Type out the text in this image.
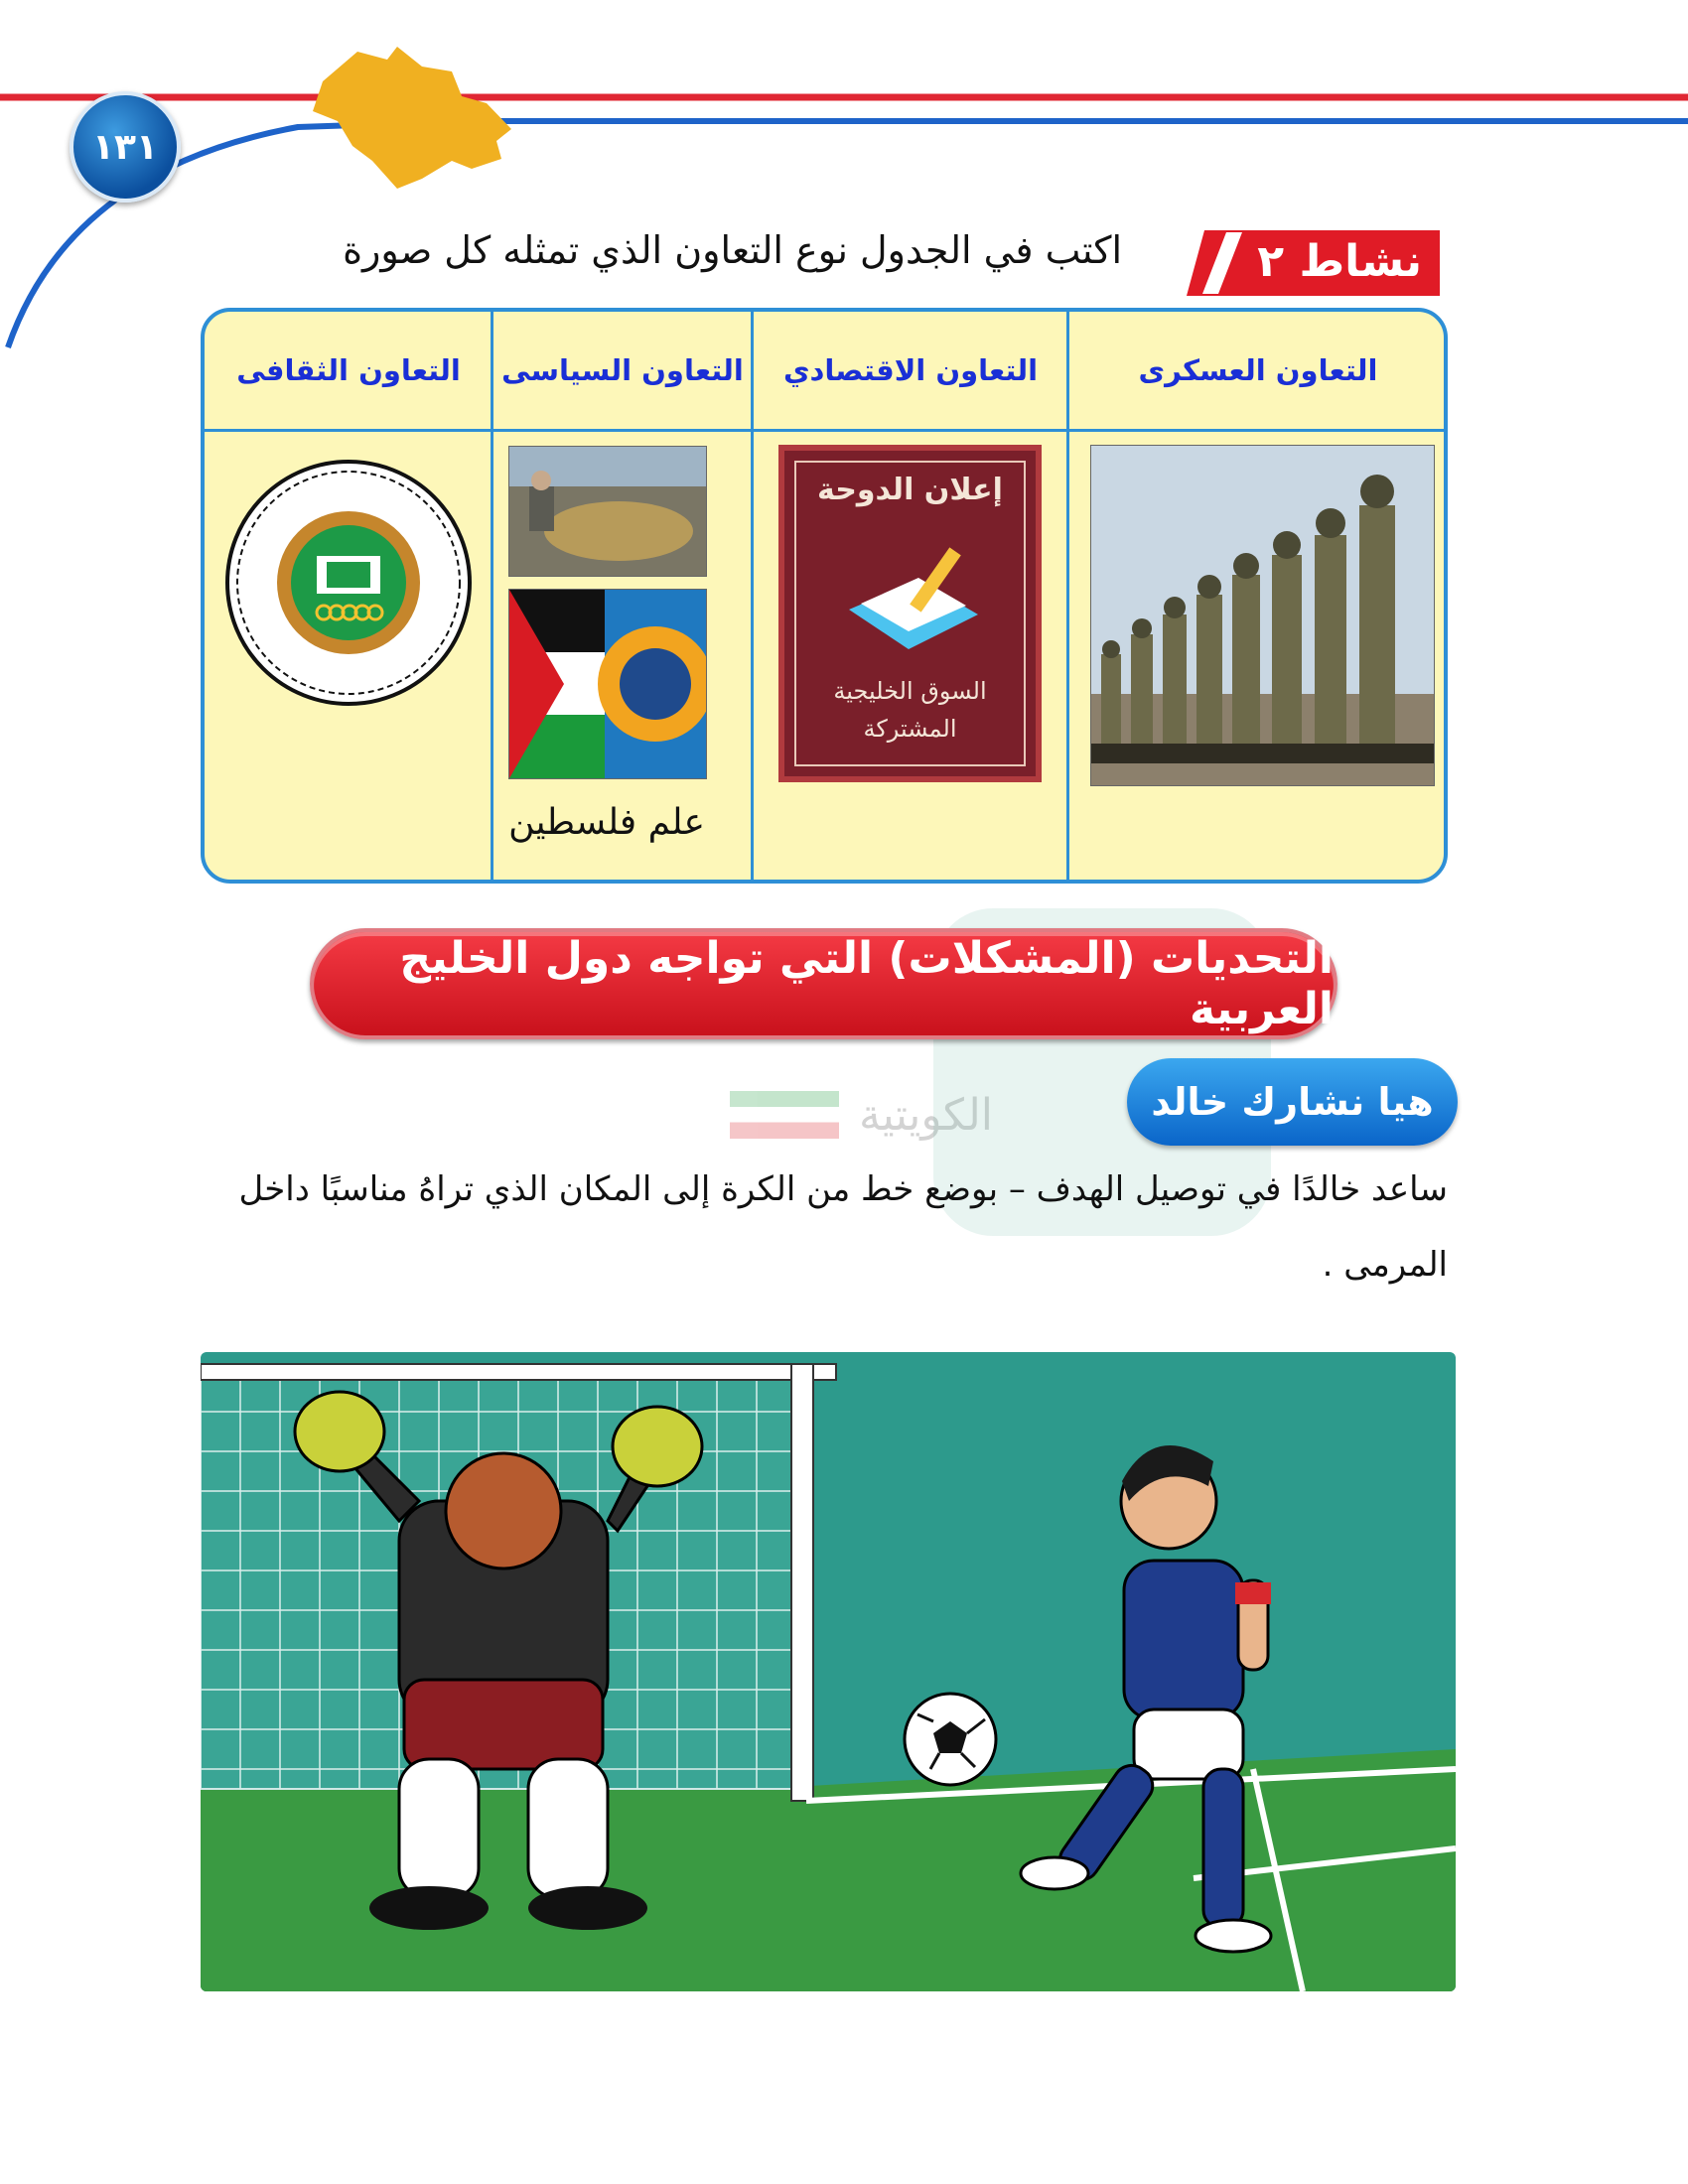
١٣١
نشاط ٢
اكتب في الجدول نوع التعاون الذي تمثله كل صورة
التعاون العسكرى
التعاون الاقتصادي
التعاون السياسى
التعاون الثقافى
إعلان الدوحة
السوق الخليجية
المشتركة
علم فلسطين
الكويتية
التحديات (المشكلات) التي تواجه دول الخليج العربية
هيا نشارك خالد
ساعد خالدًا في توصيل الهدف – بوضع خط من الكرة إلى المكان الذي تراهُ مناسبًا داخل
المرمى .
